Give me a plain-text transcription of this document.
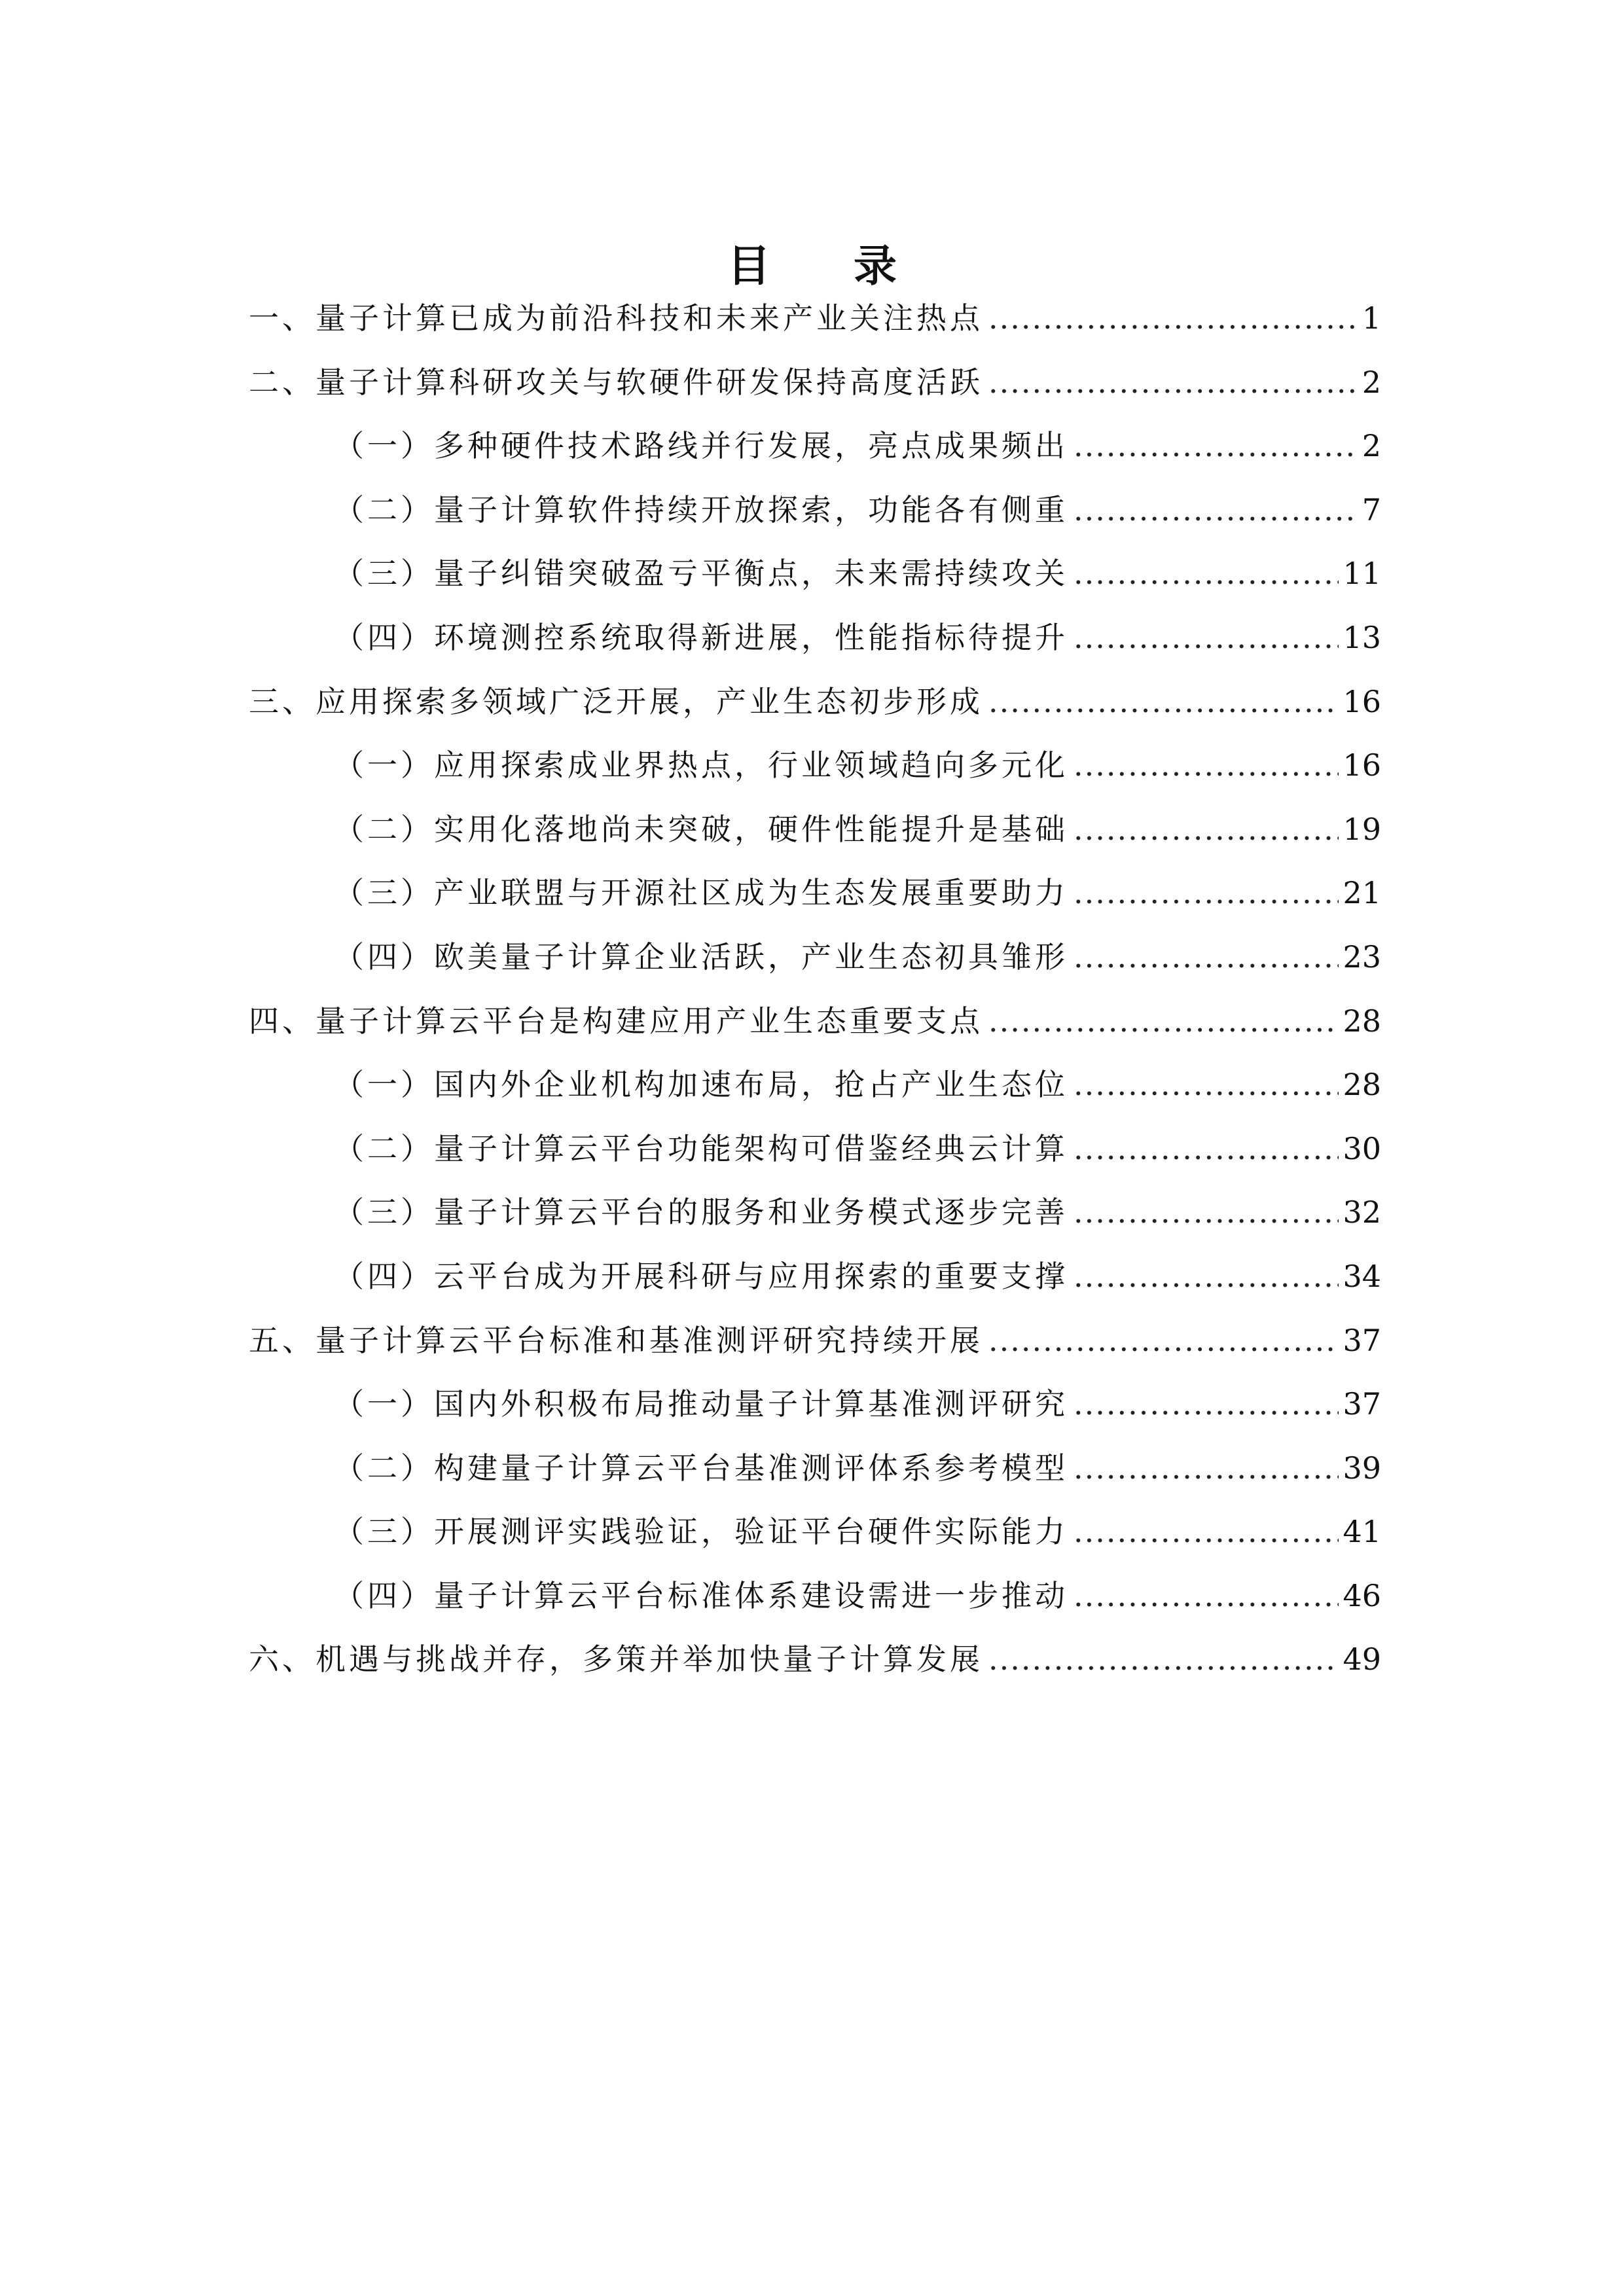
目 录
一、量子计算已成为前沿科技和未来产业关注热点 .....	1
二、量子计算科研攻关与软硬件研发保持高度活跃 .....	2
（一）多种硬件技术路线并行发展，亮点成果频出 .....	2
（二）量子计算软件持续开放探索，功能各有侧重 .....	7
（三）量子纠错突破盈亏平衡点，未来需持续攻关 .....	11
（四）环境测控系统取得新进展，性能指标待提升 .....	13
三、应用探索多领域广泛开展，产业生态初步形成 .....	16
（一）应用探索成业界热点，行业领域趋向多元化 .....	16
（二）实用化落地尚未突破，硬件性能提升是基础 .....	19
（三）产业联盟与开源社区成为生态发展重要助力 .....	21
（四）欧美量子计算企业活跃，产业生态初具雏形 .....	23
四、量子计算云平台是构建应用产业生态重要支点 .....	28
（一）国内外企业机构加速布局，抢占产业生态位 .....	28
（二）量子计算云平台功能架构可借鉴经典云计算 .....	30
（三）量子计算云平台的服务和业务模式逐步完善 .....	32
（四）云平台成为开展科研与应用探索的重要支撑 .....	34
五、量子计算云平台标准和基准测评研究持续开展 .....	37
（一）国内外积极布局推动量子计算基准测评研究 .....	37
（二）构建量子计算云平台基准测评体系参考模型 .....	39
（三）开展测评实践验证，验证平台硬件实际能力 .....	41
（四）量子计算云平台标准体系建设需进一步推动 .....	46
六、机遇与挑战并存，多策并举加快量子计算发展 .....	49
